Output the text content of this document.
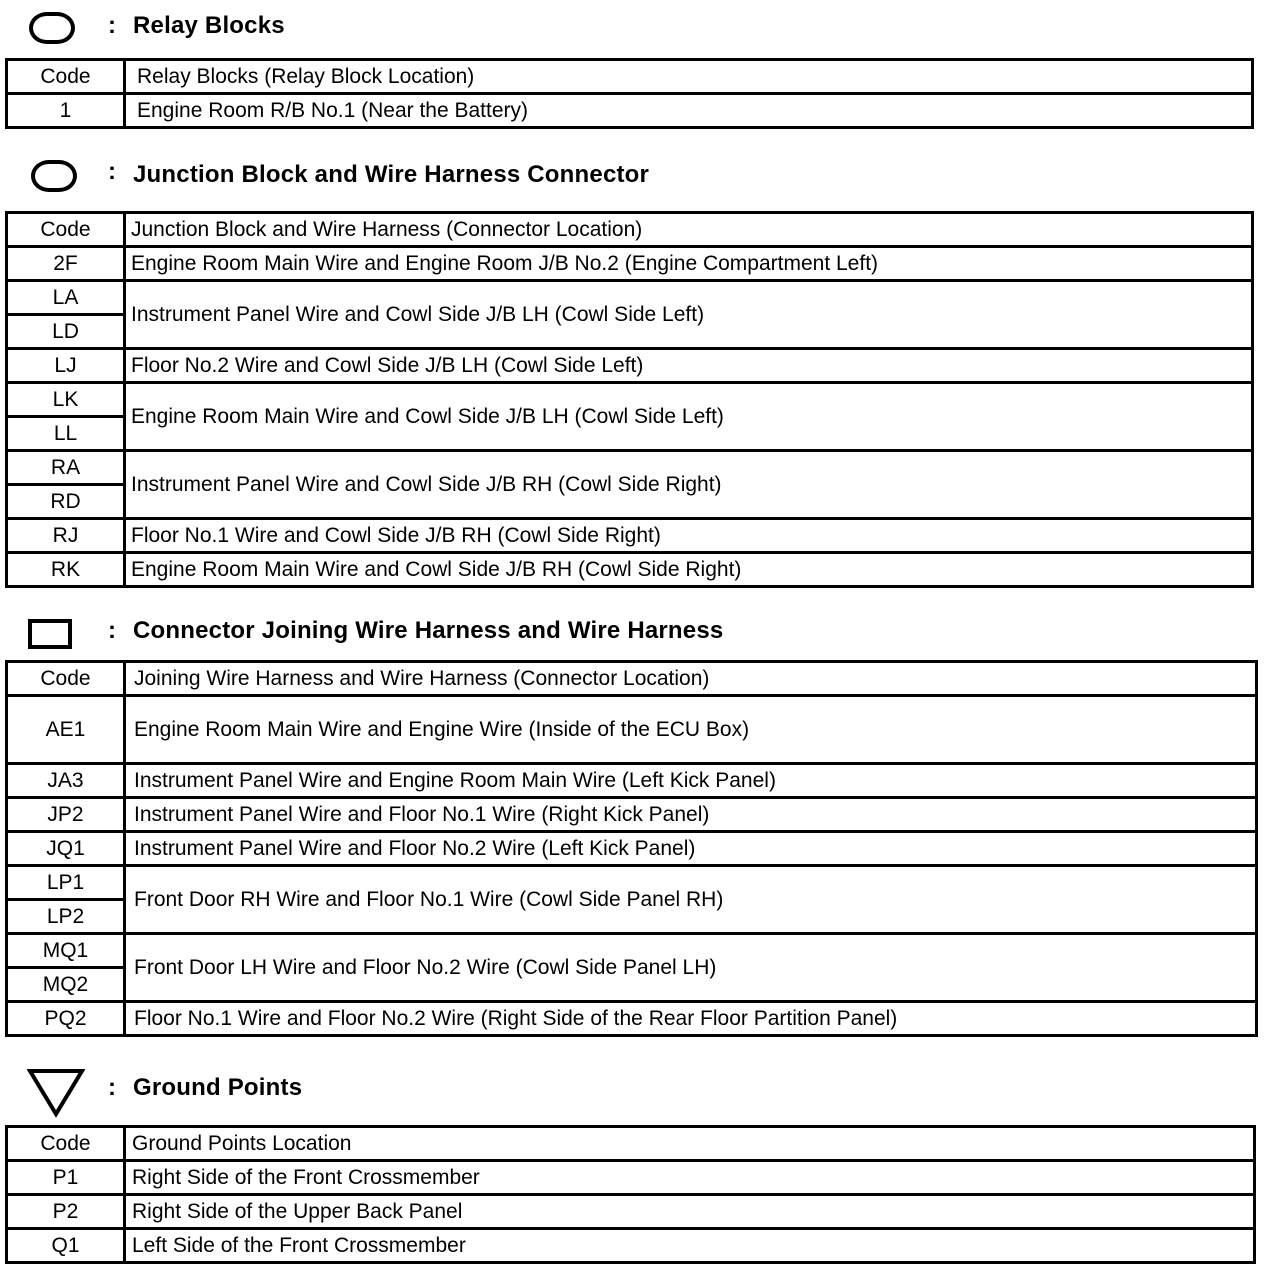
: Relay Blocks
Code	Relay Blocks (Relay Block Location)
1	Engine Room R/B No.1 (Near the Battery)
: Junction Block and Wire Harness Connector
Code	Junction Block and Wire Harness (Connector Location)
2F	Engine Room Main Wire and Engine Room J/B No.2 (Engine Compartment Left)
LA	Instrument Panel Wire and Cowl Side J/B LH (Cowl Side Left)
LD	
LJ	Floor No.2 Wire and Cowl Side J/B LH (Cowl Side Left)
LK	Engine Room Main Wire and Cowl Side J/B LH (Cowl Side Left)
LL	
RA	Instrument Panel Wire and Cowl Side J/B RH (Cowl Side Right)
RD	
RJ	Floor No.1 Wire and Cowl Side J/B RH (Cowl Side Right)
RK	Engine Room Main Wire and Cowl Side J/B RH (Cowl Side Right)
: Connector Joining Wire Harness and Wire Harness
Code	Joining Wire Harness and Wire Harness (Connector Location)
AE1	Engine Room Main Wire and Engine Wire (Inside of the ECU Box)
JA3	Instrument Panel Wire and Engine Room Main Wire (Left Kick Panel)
JP2	Instrument Panel Wire and Floor No.1 Wire (Right Kick Panel)
JQ1	Instrument Panel Wire and Floor No.2 Wire (Left Kick Panel)
LP1	Front Door RH Wire and Floor No.1 Wire (Cowl Side Panel RH)
LP2	
MQ1	Front Door LH Wire and Floor No.2 Wire (Cowl Side Panel LH)
MQ2	
PQ2	Floor No.1 Wire and Floor No.2 Wire (Right Side of the Rear Floor Partition Panel)
: Ground Points
Code	Ground Points Location
P1	Right Side of the Front Crossmember
P2	Right Side of the Upper Back Panel
Q1	Left Side of the Front Crossmember
